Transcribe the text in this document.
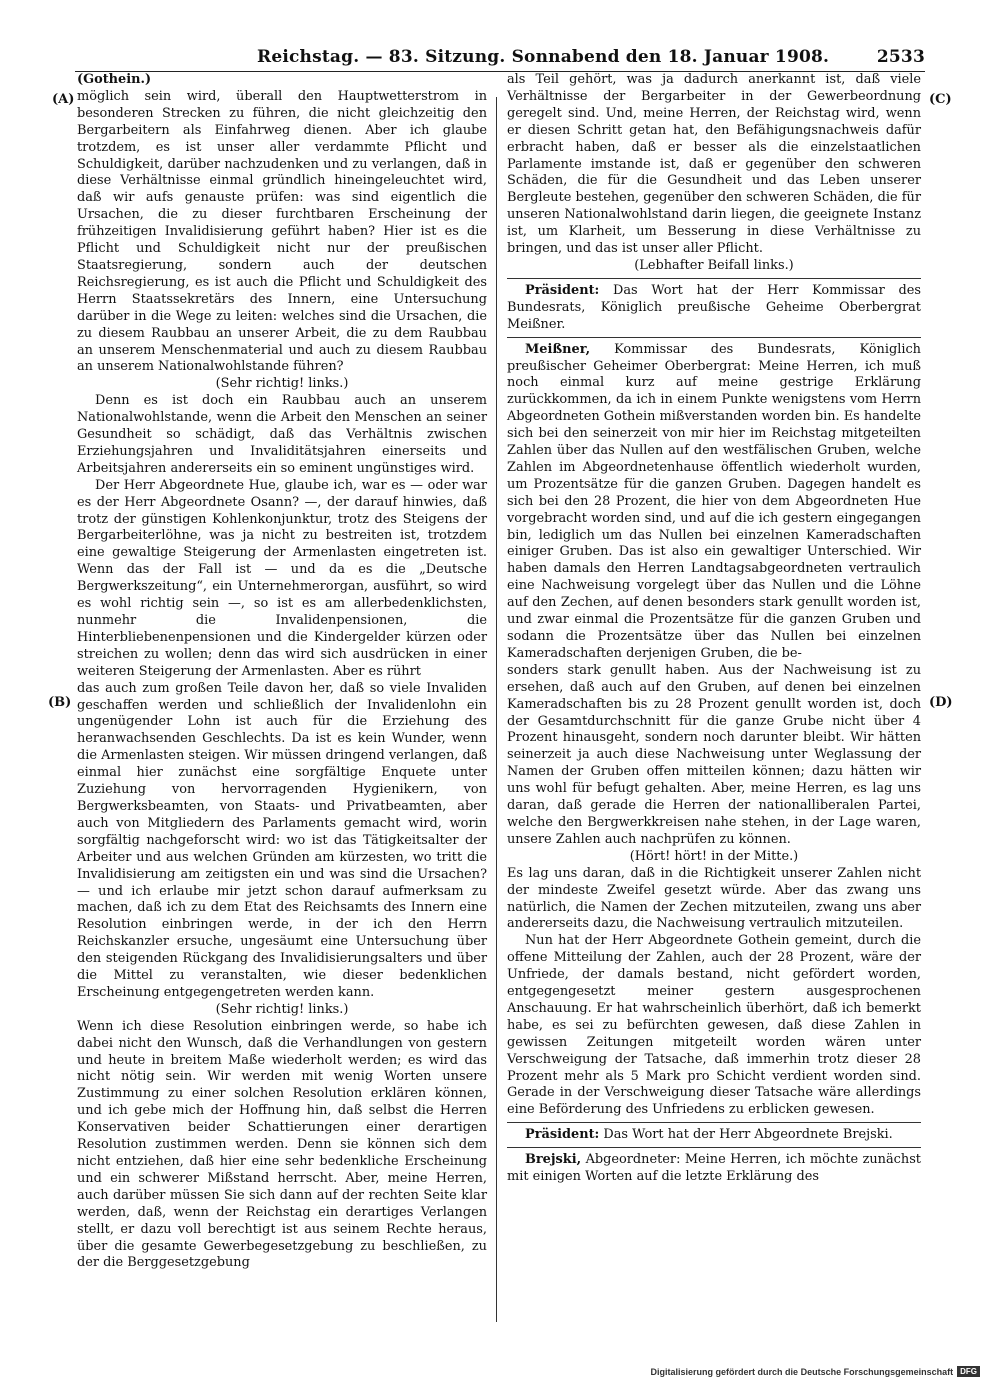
Reichstag. — 83. Sitzung. Sonnabend den 18. Januar 1908.	2533
(A)
(B)
(C)
(D)

(Gothein.)

möglich sein wird, überall den Hauptwetterstrom in besonderen Strecken zu führen, die nicht gleichzeitig den Bergarbeitern als Einfahrweg dienen. Aber ich glaube trotzdem, es ist unser aller verdammte Pflicht und Schuldigkeit, darüber nachzudenken und zu verlangen, daß in diese Verhältnisse einmal gründlich hineingeleuchtet wird, daß wir aufs genauste prüfen: was sind eigentlich die Ursachen, die zu dieser furchtbaren Erscheinung der frühzeitigen Invalidisierung geführt haben? Hier ist es die Pflicht und Schuldigkeit nicht nur der preußischen Staatsregierung, sondern auch der deutschen Reichsregierung, es ist auch die Pflicht und Schuldigkeit des Herrn Staatssekretärs des Innern, eine Untersuchung darüber in die Wege zu leiten: welches sind die Ursachen, die zu diesem Raubbau an unserer Arbeit, die zu dem Raubbau an unserem Menschenmaterial und auch zu diesem Raubbau an unserem Nationalwohlstande führen?

(Sehr richtig! links.)

Denn es ist doch ein Raubbau auch an unserem Nationalwohlstande, wenn die Arbeit den Menschen an seiner Gesundheit so schädigt, daß das Verhältnis zwischen Erziehungsjahren und Invaliditätsjahren einerseits und Arbeitsjahren andererseits ein so eminent ungünstiges wird.

Der Herr Abgeordnete Hue, glaube ich, war es — oder war es der Herr Abgeordnete Osann? —, der darauf hinwies, daß trotz der günstigen Kohlenkonjunktur, trotz des Steigens der Bergarbeiterlöhne, was ja nicht zu bestreiten ist, trotzdem eine gewaltige Steigerung der Armenlasten eingetreten ist. Wenn das der Fall ist — und da es die „Deutsche Bergwerkszeitung“, ein Unternehmerorgan, ausführt, so wird es wohl richtig sein —, so ist es am allerbedenklichsten, nunmehr die Invalidenpensionen, die Hinterbliebenenpensionen und die Kindergelder kürzen oder streichen zu wollen; denn das wird sich ausdrücken in einer weiteren Steigerung der Armenlasten. Aber es rührt

das auch zum großen Teile davon her, daß so viele Invaliden geschaffen werden und schließlich der Invalidenlohn ein ungenügender Lohn ist auch für die Erziehung des heranwachsenden Geschlechts. Da ist es kein Wunder, wenn die Armenlasten steigen. Wir müssen dringend verlangen, daß einmal hier zunächst eine sorgfältige Enquete unter Zuziehung von hervorragenden Hygienikern, von Bergwerksbeamten, von Staats- und Privatbeamten, aber auch von Mitgliedern des Parlaments gemacht wird, worin sorgfältig nachgeforscht wird: wo ist das Tätigkeitsalter der Arbeiter und aus welchen Gründen am kürzesten, wo tritt die Invalidisierung am zeitigsten ein und was sind die Ursachen? — und ich erlaube mir jetzt schon darauf aufmerksam zu machen, daß ich zu dem Etat des Reichsamts des Innern eine Resolution einbringen werde, in der ich den Herrn Reichskanzler ersuche, ungesäumt eine Untersuchung über den steigenden Rückgang des Invalidisierungsalters und über die Mittel zu veranstalten, wie dieser bedenklichen Erscheinung entgegengetreten werden kann.

(Sehr richtig! links.)

Wenn ich diese Resolution einbringen werde, so habe ich dabei nicht den Wunsch, daß die Verhandlungen von gestern und heute in breitem Maße wiederholt werden; es wird das nicht nötig sein. Wir werden mit wenig Worten unsere Zustimmung zu einer solchen Resolution erklären können, und ich gebe mich der Hoffnung hin, daß selbst die Herren Konservativen beider Schattierungen einer derartigen Resolution zustimmen werden. Denn sie können sich dem nicht entziehen, daß hier eine sehr bedenkliche Erscheinung und ein schwerer Mißstand herrscht. Aber, meine Herren, auch darüber müssen Sie sich dann auf der rechten Seite klar werden, daß, wenn der Reichstag ein derartiges Verlangen stellt, er dazu voll berechtigt ist aus seinem Rechte heraus, über die gesamte Gewerbegesetzgebung zu beschließen, zu der die Berggesetzgebung

als Teil gehört, was ja dadurch anerkannt ist, daß viele Verhältnisse der Bergarbeiter in der Gewerbeordnung geregelt sind. Und, meine Herren, der Reichstag wird, wenn er diesen Schritt getan hat, den Befähigungsnachweis dafür erbracht haben, daß er besser als die einzelstaatlichen Parlamente imstande ist, daß er gegenüber den schweren Schäden, die für die Gesundheit und das Leben unserer Bergleute bestehen, gegenüber den schweren Schäden, die für unseren Nationalwohlstand darin liegen, die geeignete Instanz ist, um Klarheit, um Besserung in diese Verhältnisse zu bringen, und das ist unser aller Pflicht.

(Lebhafter Beifall links.)

Präsident: Das Wort hat der Herr Kommissar des Bundesrats, Königlich preußische Geheime Oberbergrat Meißner.

Meißner, Kommissar des Bundesrats, Königlich preußischer Geheimer Oberbergrat: Meine Herren, ich muß noch einmal kurz auf meine gestrige Erklärung zurückkommen, da ich in einem Punkte wenigstens vom Herrn Abgeordneten Gothein mißverstanden worden bin. Es handelte sich bei den seinerzeit von mir hier im Reichstag mitgeteilten Zahlen über das Nullen auf den westfälischen Gruben, welche Zahlen im Abgeordnetenhause öffentlich wiederholt wurden, um Prozentsätze für die ganzen Gruben. Dagegen handelt es sich bei den 28 Prozent, die hier von dem Abgeordneten Hue vorgebracht worden sind, und auf die ich gestern eingegangen bin, lediglich um das Nullen bei einzelnen Kameradschaften einiger Gruben. Das ist also ein gewaltiger Unterschied. Wir haben damals den Herren Landtagsabgeordneten vertraulich eine Nachweisung vorgelegt über das Nullen und die Löhne auf den Zechen, auf denen besonders stark genullt worden ist, und zwar einmal die Prozentsätze für die ganzen Gruben und sodann die Prozentsätze über das Nullen bei einzelnen Kameradschaften derjenigen Gruben, die be-

sonders stark genullt haben. Aus der Nachweisung ist zu ersehen, daß auch auf den Gruben, auf denen bei einzelnen Kameradschaften bis zu 28 Prozent genullt worden ist, doch der Gesamtdurchschnitt für die ganze Grube nicht über 4 Prozent hinausgeht, sondern noch darunter bleibt. Wir hätten seinerzeit ja auch diese Nachweisung unter Weglassung der Namen der Gruben offen mitteilen können; dazu hätten wir uns wohl für befugt gehalten. Aber, meine Herren, es lag uns daran, daß gerade die Herren der nationalliberalen Partei, welche den Bergwerkkreisen nahe stehen, in der Lage waren, unsere Zahlen auch nachprüfen zu können.

(Hört! hört! in der Mitte.)

Es lag uns daran, daß in die Richtigkeit unserer Zahlen nicht der mindeste Zweifel gesetzt würde. Aber das zwang uns natürlich, die Namen der Zechen mitzuteilen, zwang uns aber andererseits dazu, die Nachweisung vertraulich mitzuteilen.

Nun hat der Herr Abgeordnete Gothein gemeint, durch die offene Mitteilung der Zahlen, auch der 28 Prozent, wäre der Unfriede, der damals bestand, nicht gefördert worden, entgegengesetzt meiner gestern ausgesprochenen Anschauung. Er hat wahrscheinlich überhört, daß ich bemerkt habe, es sei zu befürchten gewesen, daß diese Zahlen in gewissen Zeitungen mitgeteilt worden wären unter Verschweigung der Tatsache, daß immerhin trotz dieser 28 Prozent mehr als 5 Mark pro Schicht verdient worden sind. Gerade in der Verschweigung dieser Tatsache wäre allerdings eine Beförderung des Unfriedens zu erblicken gewesen.

Präsident: Das Wort hat der Herr Abgeordnete Brejski.

Brejski, Abgeordneter: Meine Herren, ich möchte zunächst mit einigen Worten auf die letzte Erklärung des

Digitalisierung gefördert durch die Deutsche Forschungsgemeinschaft DFG
